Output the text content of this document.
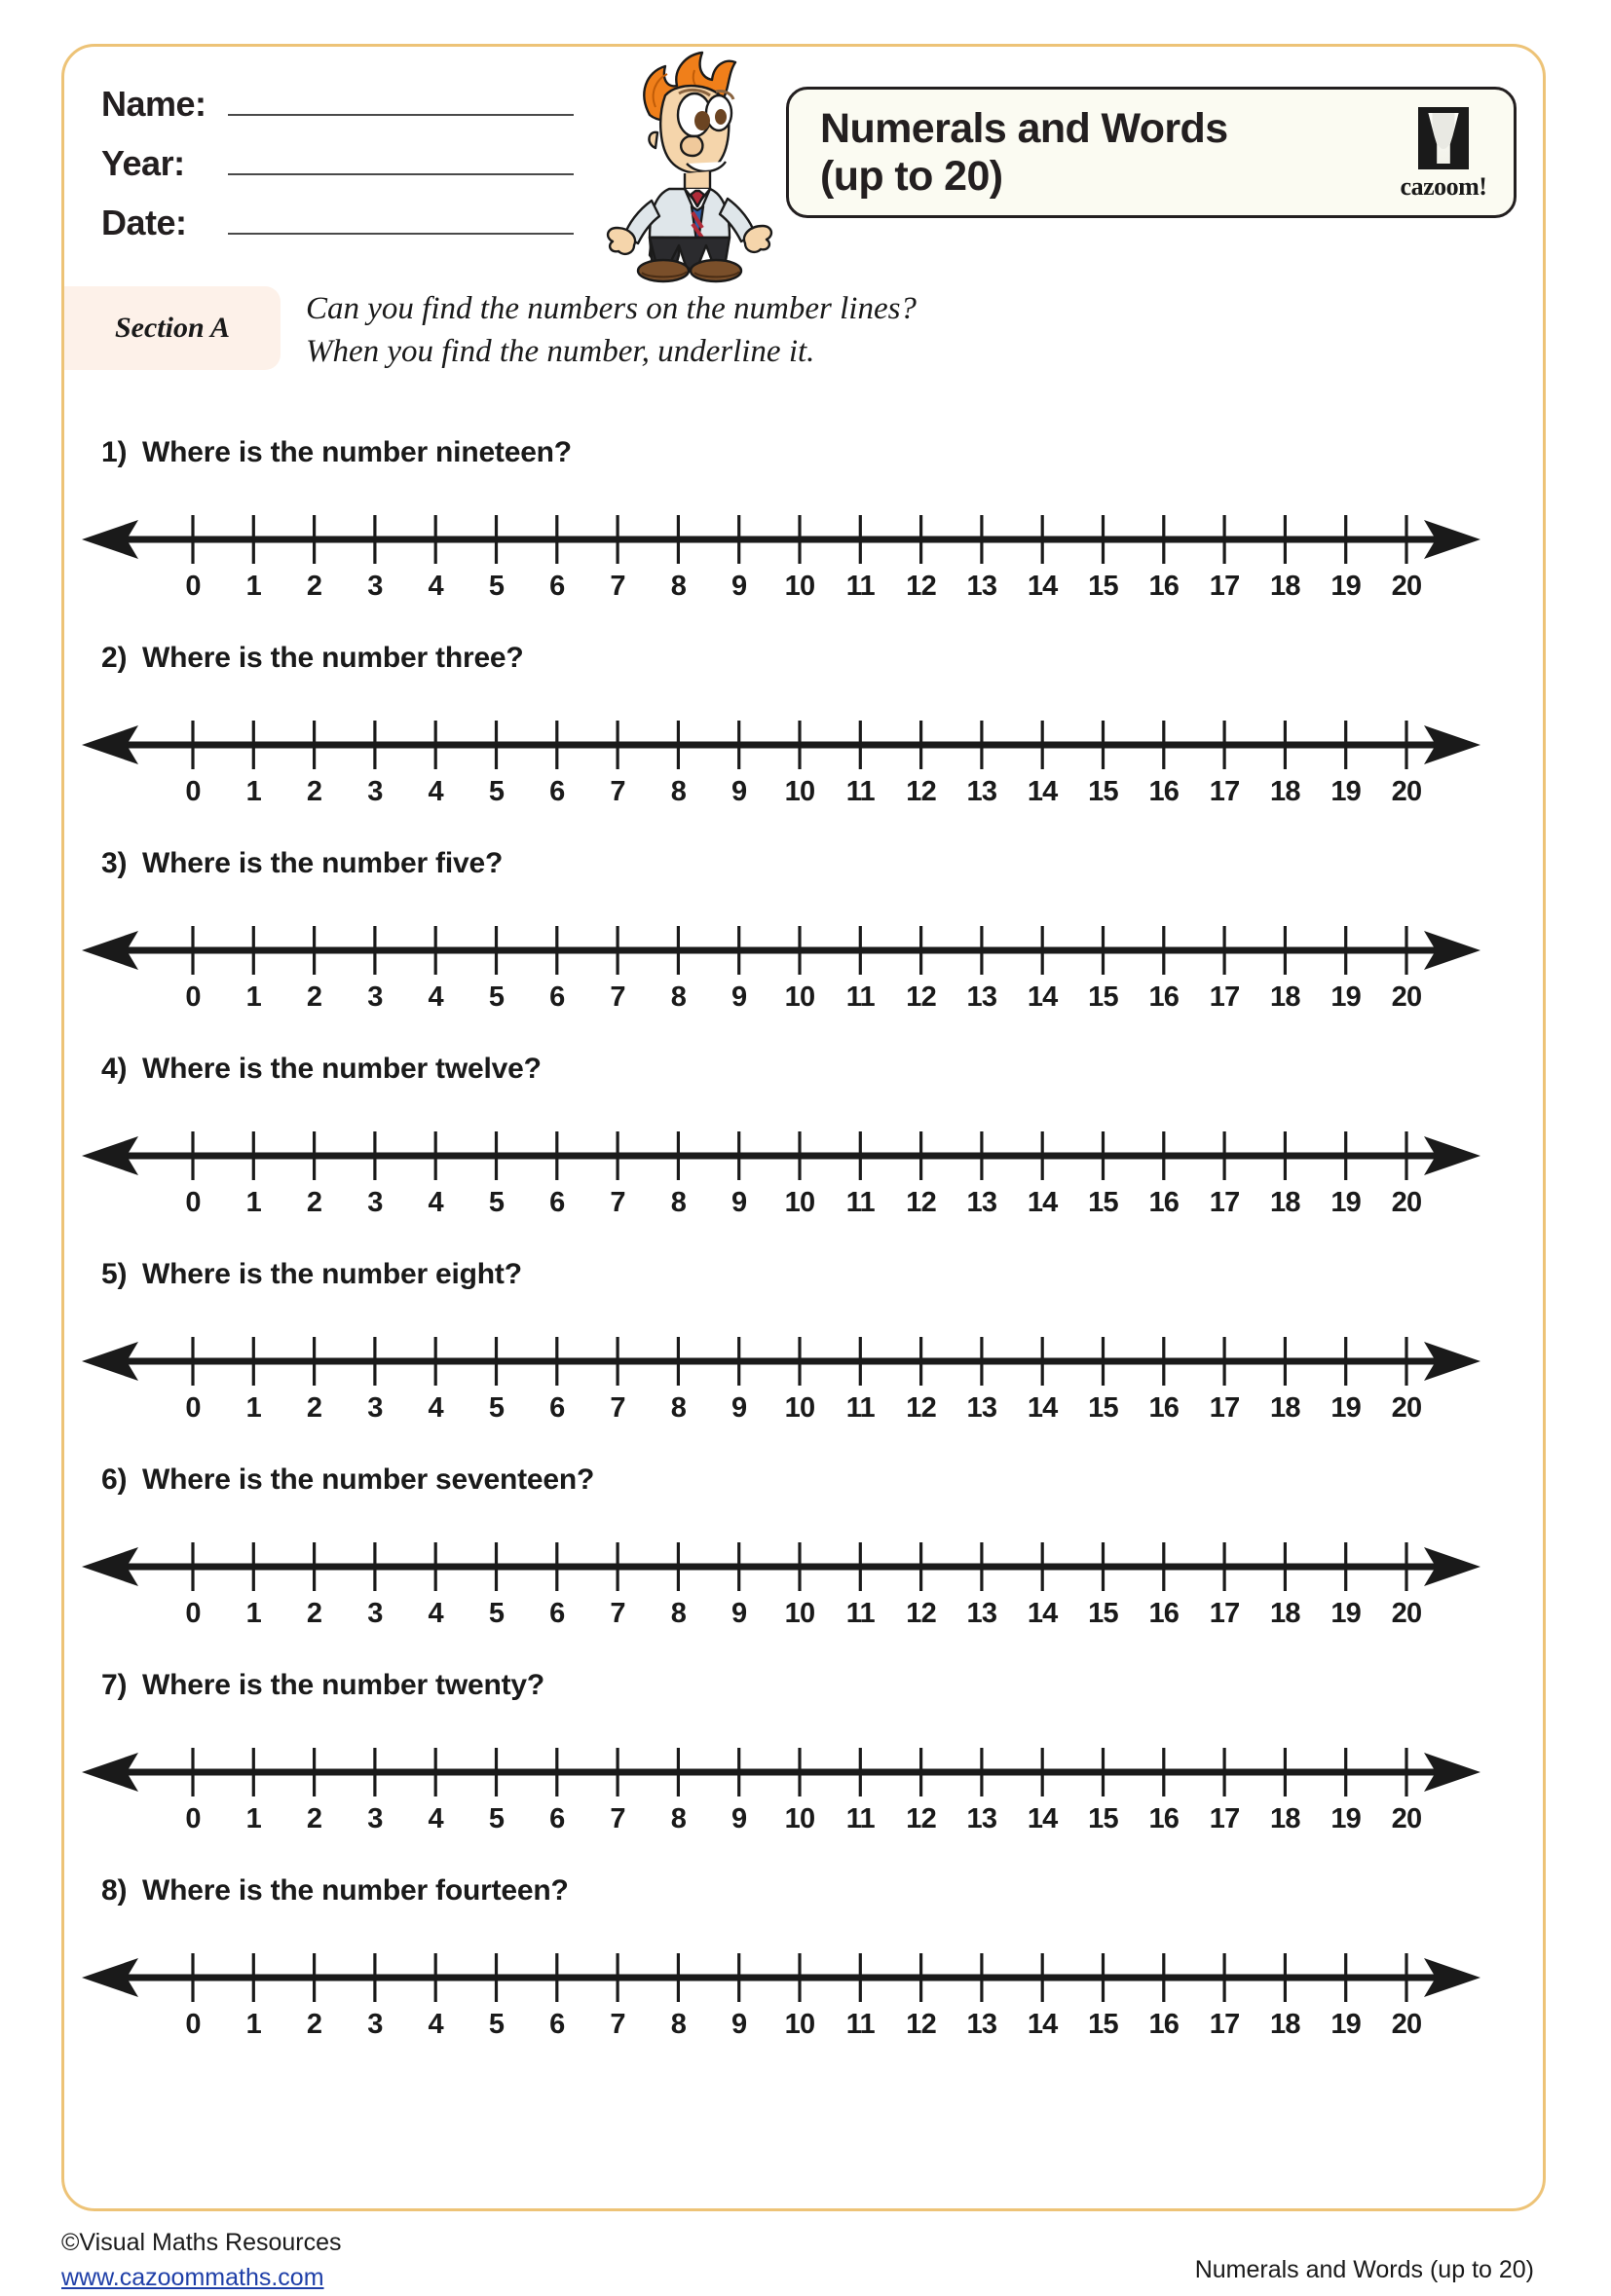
Name:
Year:
Date:
Numerals and Words (up to 20)	cazoom!
Section A
Can you find the numbers on the number lines?
When you find the number, underline it.
1) Where is the number nineteen?
0 1 2 3 4 5 6 7 8 9 10 11 12 13 14 15 16 17 18 19 20
2) Where is the number three?
0 1 2 3 4 5 6 7 8 9 10 11 12 13 14 15 16 17 18 19 20
3) Where is the number five?
0 1 2 3 4 5 6 7 8 9 10 11 12 13 14 15 16 17 18 19 20
4) Where is the number twelve?
0 1 2 3 4 5 6 7 8 9 10 11 12 13 14 15 16 17 18 19 20
5) Where is the number eight?
0 1 2 3 4 5 6 7 8 9 10 11 12 13 14 15 16 17 18 19 20
6) Where is the number seventeen?
0 1 2 3 4 5 6 7 8 9 10 11 12 13 14 15 16 17 18 19 20
7) Where is the number twenty?
0 1 2 3 4 5 6 7 8 9 10 11 12 13 14 15 16 17 18 19 20
8) Where is the number fourteen?
0 1 2 3 4 5 6 7 8 9 10 11 12 13 14 15 16 17 18 19 20
©Visual Maths Resources
www.cazoommaths.com	Numerals and Words (up to 20)
